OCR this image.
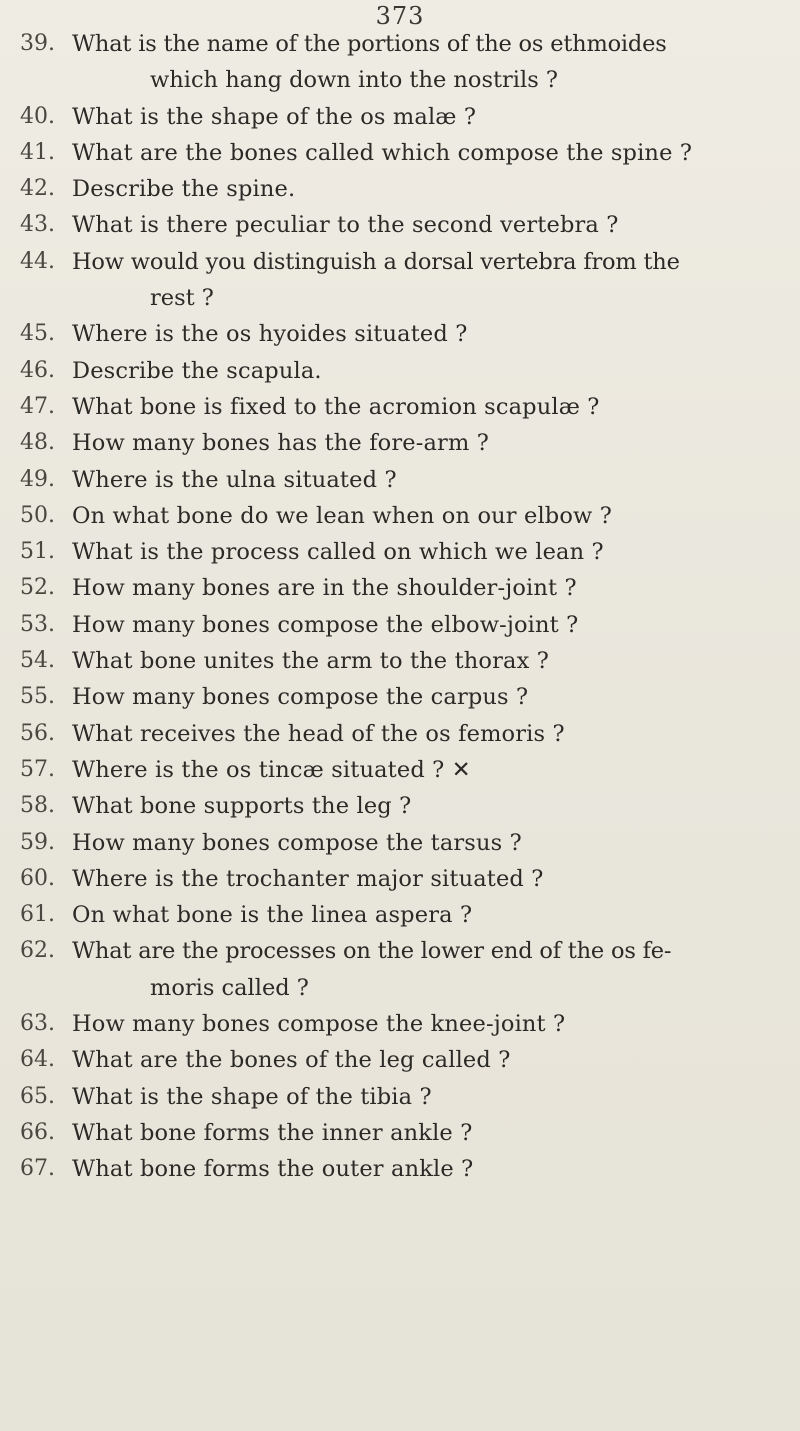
373
39. What is the name of the portions of the os ethmoides
which hang down into the nostrils ?
40. What is the shape of the os malæ ?
41. What are the bones called which compose the spine ?
42. Describe the spine.
43. What is there peculiar to the second vertebra ?
44. How would you distinguish a dorsal vertebra from the
rest ?
45. Where is the os hyoides situated ?
46. Describe the scapula.
47. What bone is fixed to the acromion scapulæ ?
48. How many bones has the fore-arm ?
49. Where is the ulna situated ?
50. On what bone do we lean when on our elbow ?
51. What is the process called on which we lean ?
52. How many bones are in the shoulder-joint ?
53. How many bones compose the elbow-joint ?
54. What bone unites the arm to the thorax ?
55. How many bones compose the carpus ?
56. What receives the head of the os femoris ?
57. Where is the os tincæ situated ? ✕
58. What bone supports the leg ?
59. How many bones compose the tarsus ?
60. Where is the trochanter major situated ?
61. On what bone is the linea aspera ?
62. What are the processes on the lower end of the os fe-
moris called ?
63. How many bones compose the knee-joint ?
64. What are the bones of the leg called ?
65. What is the shape of the tibia ?
66. What bone forms the inner ankle ?
67. What bone forms the outer ankle ?
